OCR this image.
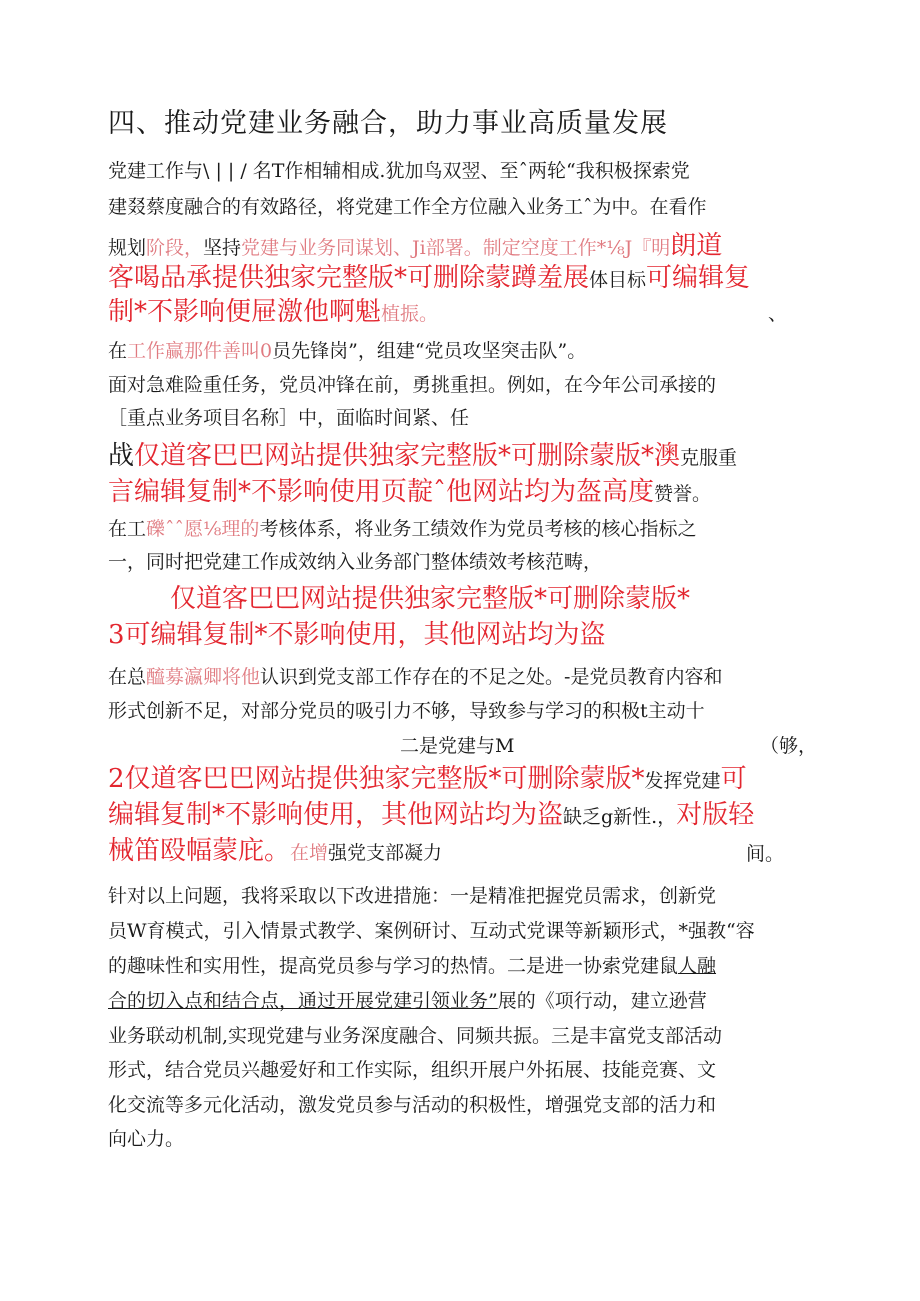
四、推动党建业务融合，助力事业高质量发展
党建工作与\ | | / 名T作相辅相成.犹加鸟双翌、至ˆ两轮“我积极探索党
建叕蔡度融合的有效路径，将党建工作全方位融入业务工ˆ为中。在看作
规划阶段，坚持党建与业务同谋划、Ji部署。制定空度工作*⅛J『明朗道
客喝品承提供独家完整版*可删除蒙蹲羞展体目标可编辑复
制*不影响便屉激他啊魁植振。	、
在工作赢那件善叫0员先锋岗”，组建“党员攻坚突击队”。
面对急难险重任务，党员冲锋在前，勇挑重担。例如，在今年公司承接的
［重点业务项目名称］中，面临时间紧、任
战仅道客巴巴网站提供独家完整版*可删除蒙版*澳克服重
言编辑复制*不影响使用页靛ˆ他网站均为盔高度赞誉。
在工礫ˆˆ愿⅛理的考核体系，将业务工绩效作为党员考核的核心指标之
一，同时把党建工作成效纳入业务部门整体绩效考核范畴，
仅道客巴巴网站提供独家完整版*可删除蒙版*
3可编辑复制*不影响使用，其他网站均为盗
在总醯募瀛卿将他认识到党支部工作存在的不足之处。-是党员教育内容和
形式创新不足，对部分党员的吸引力不够，导致参与学习的积极t主动十
二是党建与M	（够，
2仅道客巴巴网站提供独家完整版*可删除蒙版*发挥党建可
编辑复制*不影响使用，其他网站均为盗缺乏g新性.，对版轻
械笛殴幅蒙庇。在增强党支部凝力	间。
针对以上问题，我将采取以下改进措施：一是精准把握党员需求，创新党
员W育模式，引入情景式教学、案例研讨、互动式党课等新颖形式，*强教“容
的趣味性和实用性，提高党员参与学习的热情。二是进一协索党建鼠人融
合的切入点和结合点，通过开展党建引领业务”展的《项行动，建立逊营
业务联动机制,实现党建与业务深度融合、同频共振。三是丰富党支部活动
形式，结合党员兴趣爱好和工作实际，组织开展户外拓展、技能竞赛、文
化交流等多元化活动，激发党员参与活动的积极性，增强党支部的活力和
向心力。
